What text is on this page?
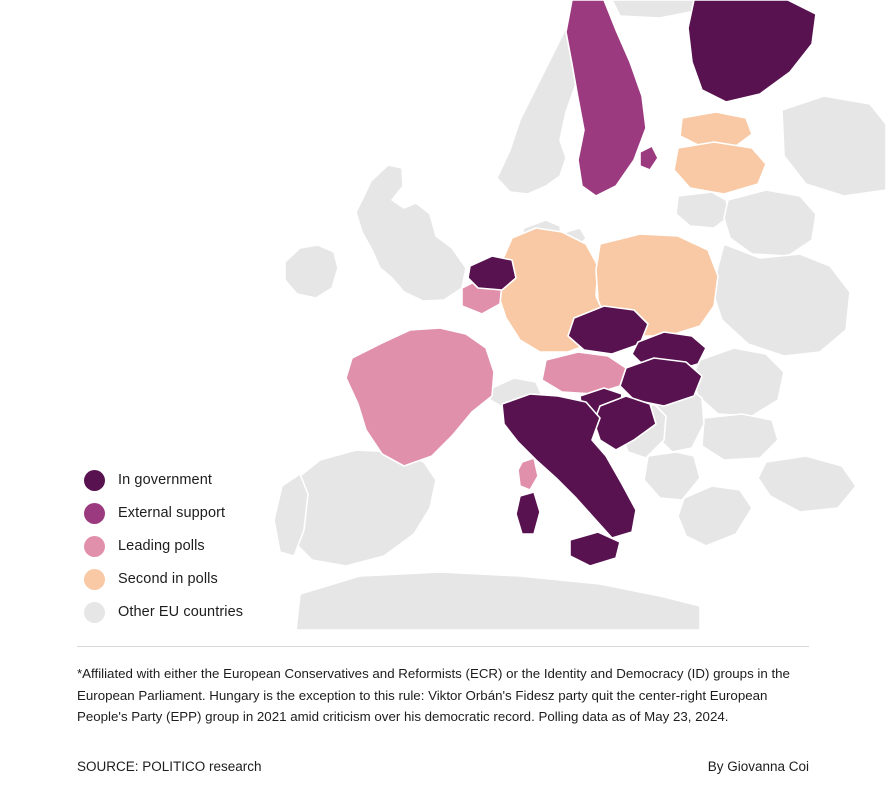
In government
External support
Leading polls
Second in polls
Other EU countries
*Affiliated with either the European Conservatives and Reformists (ECR) or the Identity and Democracy (ID) groups in the European Parliament. Hungary is the exception to this rule: Viktor Orbán's Fidesz party quit the center-right European People's Party (EPP) group in 2021 amid criticism over his democratic record. Polling data as of May 23, 2024.
SOURCE: POLITICO research	By Giovanna Coi
